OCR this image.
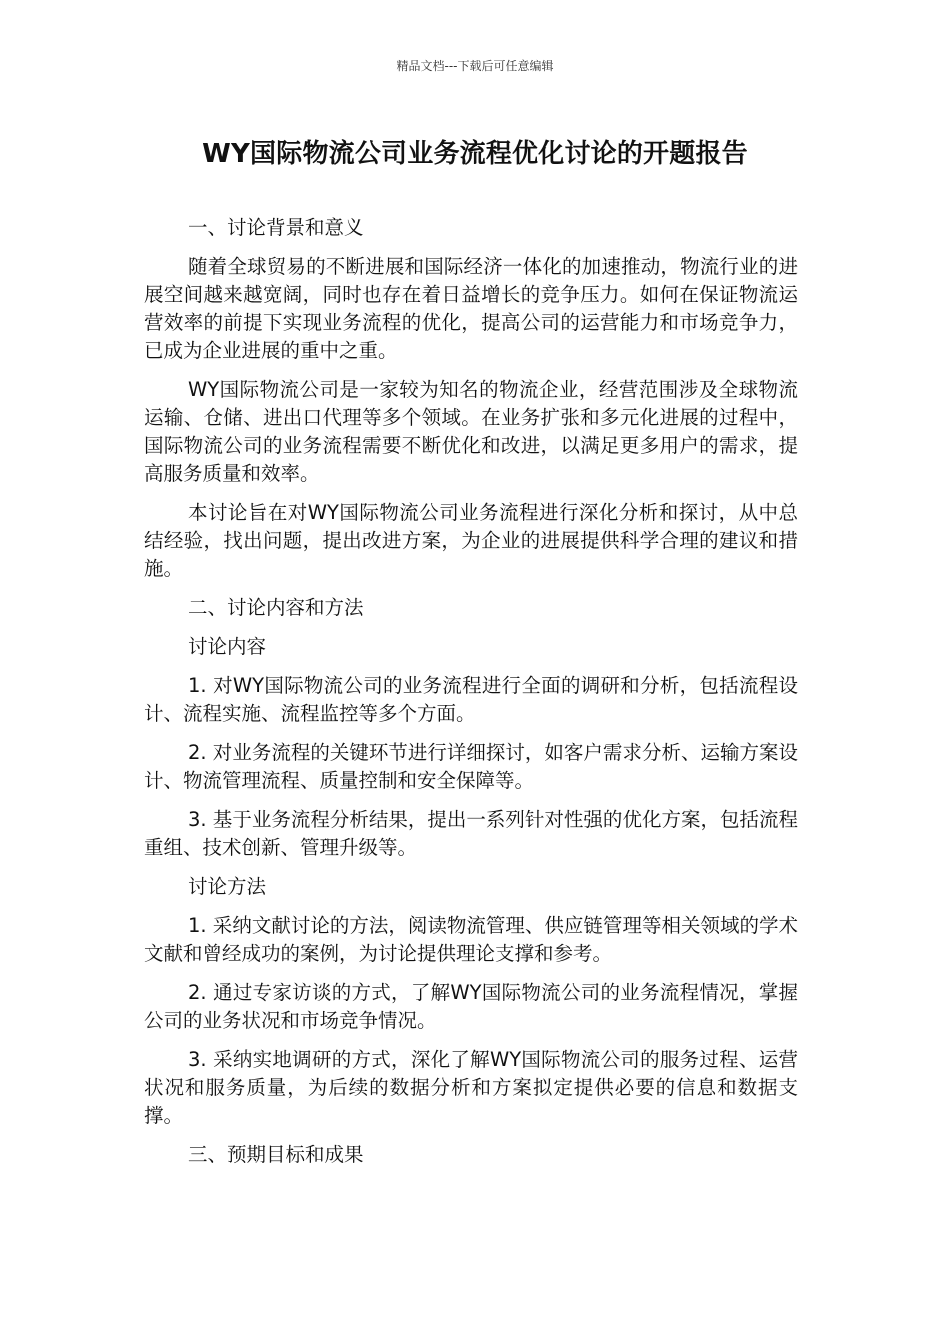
精品文档---下载后可任意编辑
WY国际物流公司业务流程优化讨论的开题报告
一、讨论背景和意义
随着全球贸易的不断进展和国际经济一体化的加速推动，物流行业的进展空间越来越宽阔，同时也存在着日益增长的竞争压力。如何在保证物流运营效率的前提下实现业务流程的优化，提高公司的运营能力和市场竞争力，已成为企业进展的重中之重。
WY国际物流公司是一家较为知名的物流企业，经营范围涉及全球物流运输、仓储、进出口代理等多个领域。在业务扩张和多元化进展的过程中，国际物流公司的业务流程需要不断优化和改进，以满足更多用户的需求，提高服务质量和效率。
本讨论旨在对WY国际物流公司业务流程进行深化分析和探讨，从中总结经验，找出问题，提出改进方案，为企业的进展提供科学合理的建议和措施。
二、讨论内容和方法
讨论内容
1. 对WY国际物流公司的业务流程进行全面的调研和分析，包括流程设计、流程实施、流程监控等多个方面。
2. 对业务流程的关键环节进行详细探讨，如客户需求分析、运输方案设计、物流管理流程、质量控制和安全保障等。
3. 基于业务流程分析结果，提出一系列针对性强的优化方案，包括流程重组、技术创新、管理升级等。
讨论方法
1. 采纳文献讨论的方法，阅读物流管理、供应链管理等相关领域的学术文献和曾经成功的案例，为讨论提供理论支撑和参考。
2. 通过专家访谈的方式，了解WY国际物流公司的业务流程情况，掌握公司的业务状况和市场竞争情况。
3. 采纳实地调研的方式，深化了解WY国际物流公司的服务过程、运营状况和服务质量，为后续的数据分析和方案拟定提供必要的信息和数据支撑。
三、预期目标和成果
